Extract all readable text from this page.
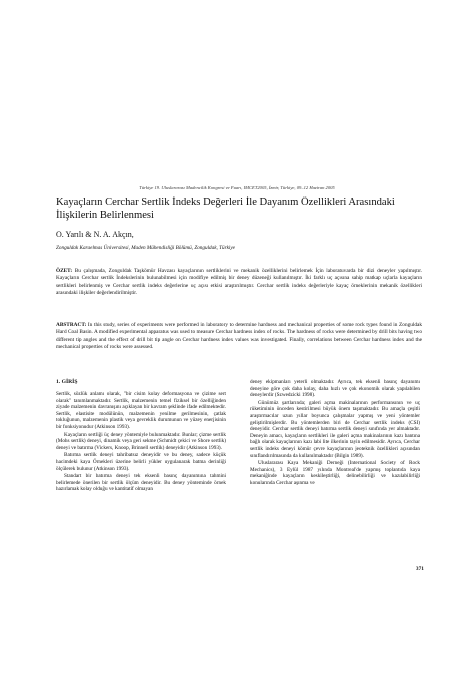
Türkiye 19. Uluslararası Madencilik Kongresi ve Fuarı, IMCET2005, İzmir, Türkiye, 09–12 Haziran 2005
Kayaçların Cerchar Sertlik İndeks Değerleri İle Dayanım Özellikleri Arasındaki İlişkilerin Belirlenmesi

O. Yarılı & N. A. Akçın,

Zonguldak Karaelmas Üniversitesi, Maden Mühendisliği Bölümü, Zonguldak, Türkiye

ÖZET: Bu çalışmada, Zonguldak Taşkömür Havzası kayaçlarının sertliklerini ve mekanik özelliklerini belirlemek İçin laboratuvarda bir dizi deneyler yapılmıştır. Kayaçların Cerchar sertlik İndekslerinin bulunabilmesi için modifiye edilmiş bir deney düzeneği kullanılmıştır. İki farklı uç açısına sahip matkap uçlarla kayaçların sertlikleri belirlenmiş ve Cerchar sertlik indeks değerlerine uç açısı etkisi araştırılmıştır. Cerchar sertlik indeks değerleriyle kayaç örneklerinin mekanik özellikleri arasındaki ilişkiler değerlendirilmiştir.

ABSTRACT: In this study, series of experiments were performed in laboratory to determine hardness and mechanical properties of some rock types found in Zonguldak Hard Coal Basin. A modified experimental apparatus was used to measure Cerchar hardness index of rocks. The hardness of rocks were determined by drill bits having two different tip angles and the effect of drill bit tip angle on Cerchar hardness index values was investigated. Finally, correlations between Cerchar hardness index and the mechanical properties of rocks were assessed.

1. GİRİŞ

Sertlik, sözlük anlamı olarak, "bir cisim kolay deformasyona ve çizime sert olarak" tanımlanmaktadır. Sertlik, malzemenin temel fiziksel bir özelliğinden ziyade malzemenin davranışını açıklayan bir kavram şeklinde ifade edilmektedir. Sertlik, elastisite modülünün, malzemenin yenilme gerilmesinin, çatlak tokluğunun, malzemenin plastik veya gevreklik durumunun ve yüzey enerjisinin bir fonksiyonudur (Atkinson 1993).

Kayaçların sertliği üç deney yöntemiyle bulunmaktadır. Bunlar; çizme sertlik (Mohs sertlik) deneyi, dinamik veya geri sekme (Schmidt çekici ve Shore sertlik) deneyi ve batırma (Vickers, Knoop, Brinnell sertlik) deneyidir (Atkinson 1993).

Batırma sertlik deneyi tahribatsız deneyidir ve bu deney, sadece küçük hacimdeki kaya Örnekleri üzerine belirli yükler uygulanarak batma derinliği ölçülerek bulunur (Atkinson 1993).

Standart bir batırma deneyi tek eksenli basınç dayanımına tahmini belirlemede önerilen bir sertlik ölçüm deneyidir. Bu deney yönteminde örnek hazırlamak kolay olduğu ve kantitatif olmayan

deney ekipmanları yeterli olmaktadır. Ayrıca, tek eksenli basınç dayanımı deneyine göre çok daha kolay, daha hızlı ve çok ekonomik olarak yapılabilen deneylerdir (Szwedzicki 1998).

Günümüz şartlarında; galeri açma makinalarının performansının ve uç rüketiminin önceden kestirilmesi büyük önem taşımaktadır. Bu amaçla çeşitli araştırmacılar uzun yıllar boyunca çalışmalar yapmış ve yeni yöntemler geliştirilmişlerdir. Bu yöntemlerden biri de Cerchar sertlik indeks (CSI) deneyidir. Cerchar sertlik deneyi batırma sertlik deneyi sınıfında yer almaktadır. Deneyin amacı, kayaçların sertlikleri ile galeri açma makinalarının kazı bantına bağlı olarak kayaçlarının kazı labi lite ilkerinin tayin edilmesidir. Ayrıca, Cerchar sertlik indeks deneyi kömür çevre kayaçlarının jeoteknik özellikleri açısından sınıflandırılmasında da kullanılmaktadır (Bilgin 1989).

Uluslararası Kaya Mekaniği Derneği (International Society of Rock Mechanics), 3 Eylül 1987 yılında Montreal'de yapmış toplantıda kaya mekaniğinde kayaçların keskileştirliği, delinebilirliği ve kazılabilirliği konularında Cerchar aşınma ve

371
